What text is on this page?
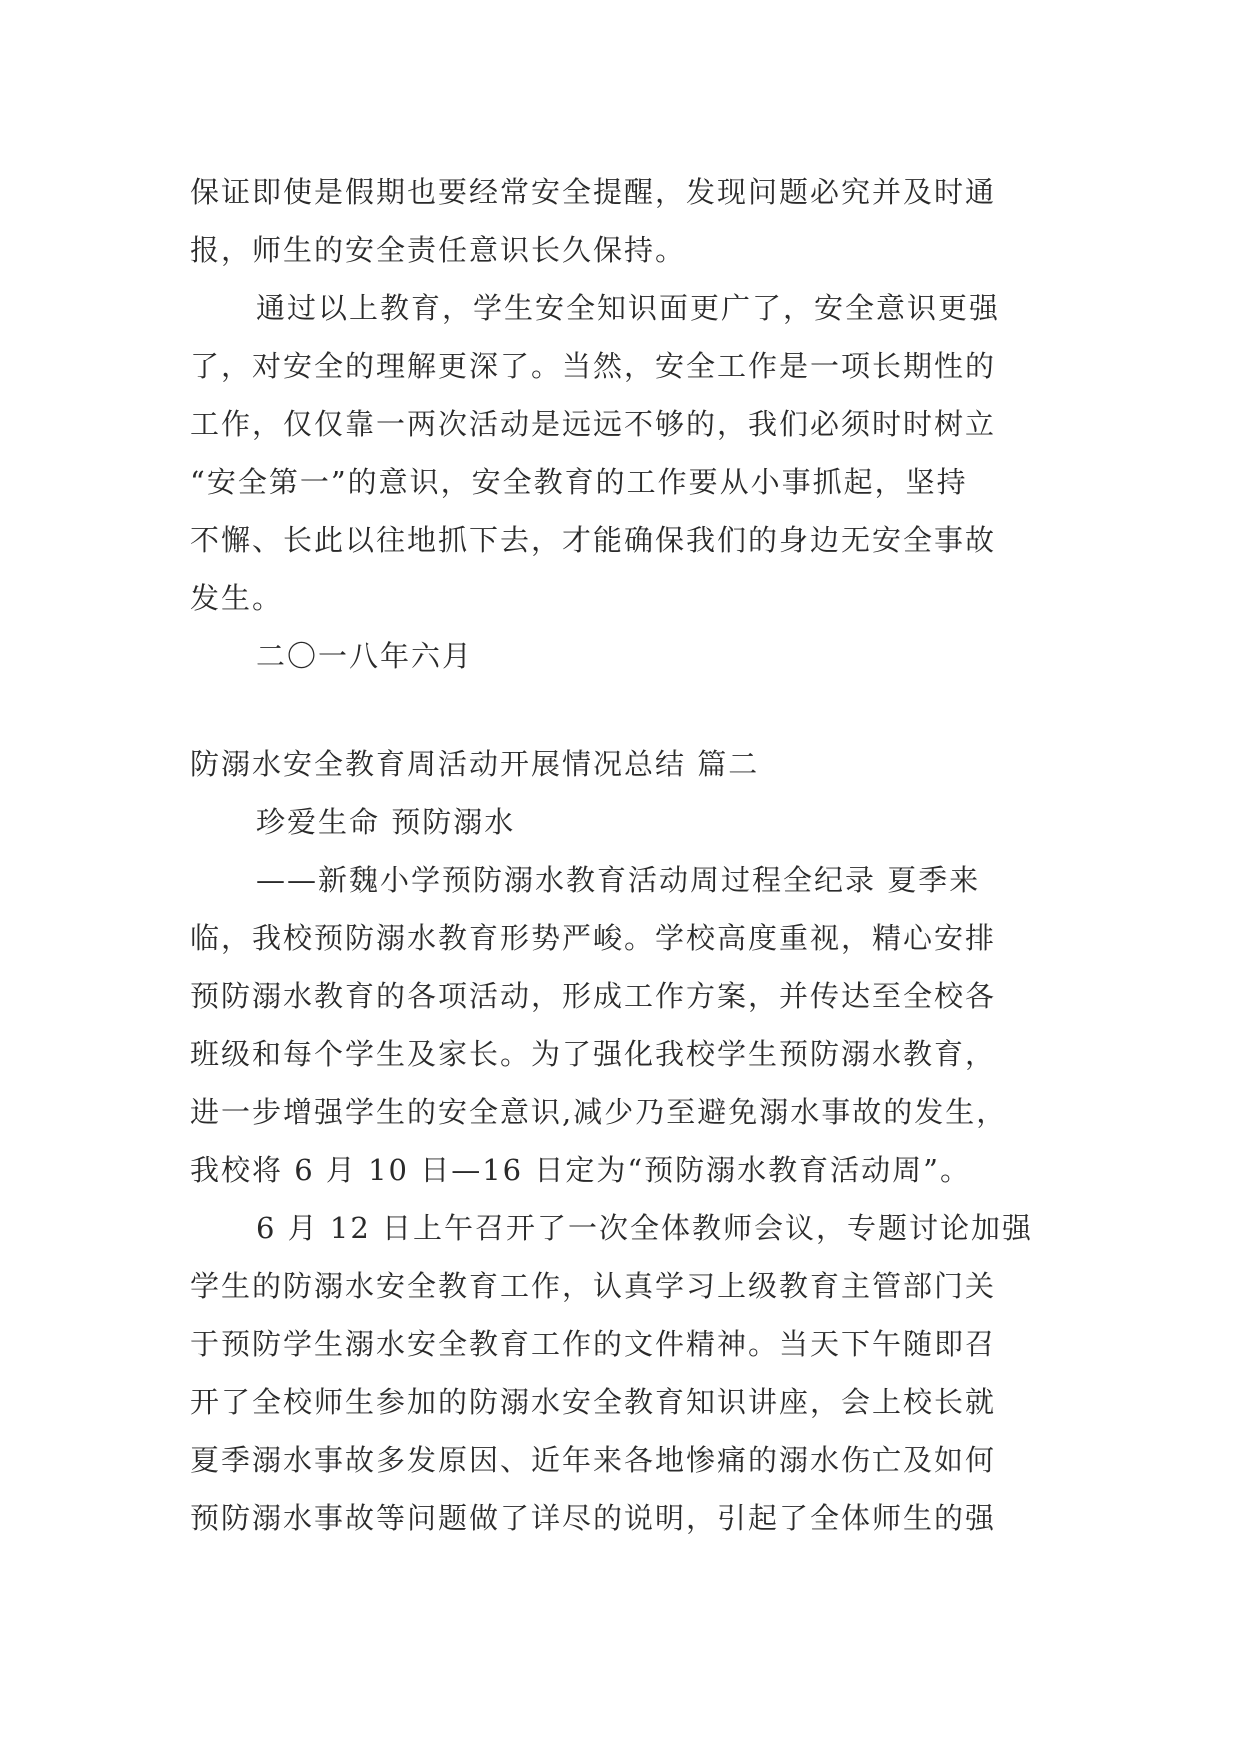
保证即使是假期也要经常安全提醒，发现问题必究并及时通
报，师生的安全责任意识长久保持。
通过以上教育，学生安全知识面更广了，安全意识更强
了，对安全的理解更深了。当然，安全工作是一项长期性的
工作，仅仅靠一两次活动是远远不够的，我们必须时时树立
“安全第一”的意识，安全教育的工作要从小事抓起，坚持
不懈、长此以往地抓下去，才能确保我们的身边无安全事故
发生。
二〇一八年六月
防溺水安全教育周活动开展情况总结 篇二
珍爱生命 预防溺水
——新魏小学预防溺水教育活动周过程全纪录 夏季来
临，我校预防溺水教育形势严峻。学校高度重视，精心安排
预防溺水教育的各项活动，形成工作方案，并传达至全校各
班级和每个学生及家长。为了强化我校学生预防溺水教育，
进一步增强学生的安全意识,减少乃至避免溺水事故的发生，
我校将 6 月 10 日—16 日定为“预防溺水教育活动周”。
6 月 12 日上午召开了一次全体教师会议，专题讨论加强
学生的防溺水安全教育工作，认真学习上级教育主管部门关
于预防学生溺水安全教育工作的文件精神。当天下午随即召
开了全校师生参加的防溺水安全教育知识讲座，会上校长就
夏季溺水事故多发原因、近年来各地惨痛的溺水伤亡及如何
预防溺水事故等问题做了详尽的说明，引起了全体师生的强
